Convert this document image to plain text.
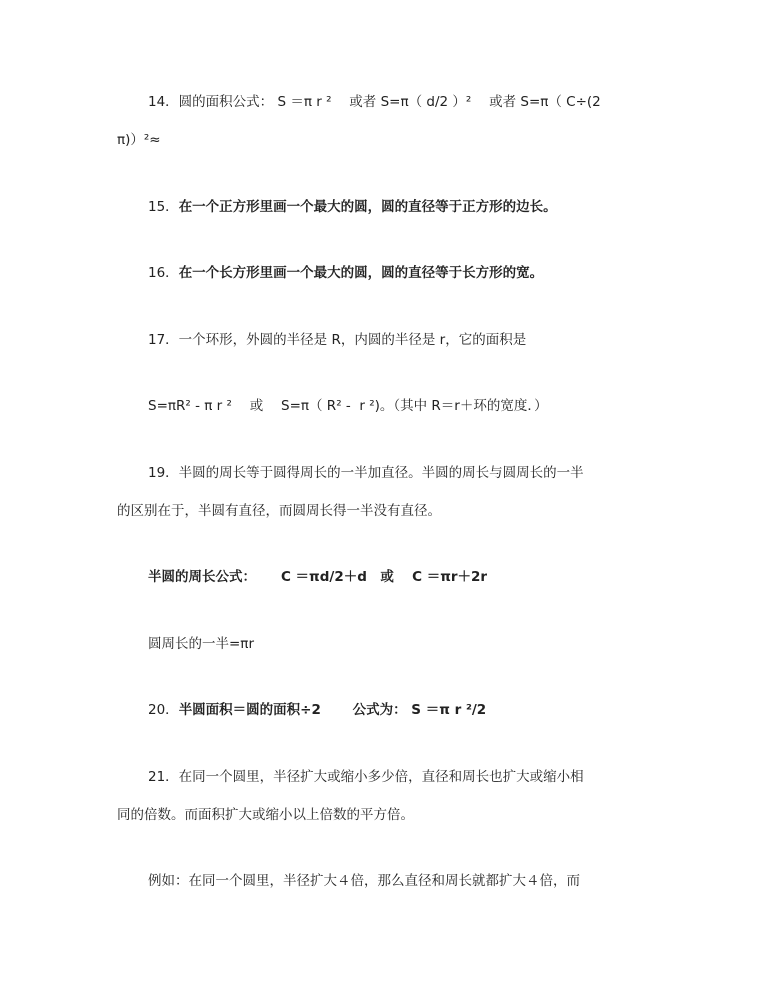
14．圆的面积公式： S ＝π r ²　 或者 S=π（ d/2 ）²　 或者 S=π（ C÷(2
π)）²≈
15．在一个正方形里画一个最大的圆，圆的直径等于正方形的边长。
16．在一个长方形里画一个最大的圆，圆的直径等于长方形的宽。
17．一个环形，外圆的半径是 R，内圆的半径是 r，它的面积是
S=πR² - π r ²　 或　 S=π（ R² -  r ²)。（其中 R＝r＋环的宽度．）
19．半圆的周长等于圆得周长的一半加直径。半圆的周长与圆周长的一半
的区别在于，半圆有直径，而圆周长得一半没有直径。
半圆的周长公式：　　 C ＝πd/2＋d　或　 C ＝πr＋2r
圆周长的一半=πr
20．半圆面积＝圆的面积÷2　　 公式为： S ＝π r ²/2
21．在同一个圆里，半径扩大或缩小多少倍，直径和周长也扩大或缩小相
同的倍数。而面积扩大或缩小以上倍数的平方倍。
例如：在同一个圆里，半径扩大４倍，那么直径和周长就都扩大４倍，而
